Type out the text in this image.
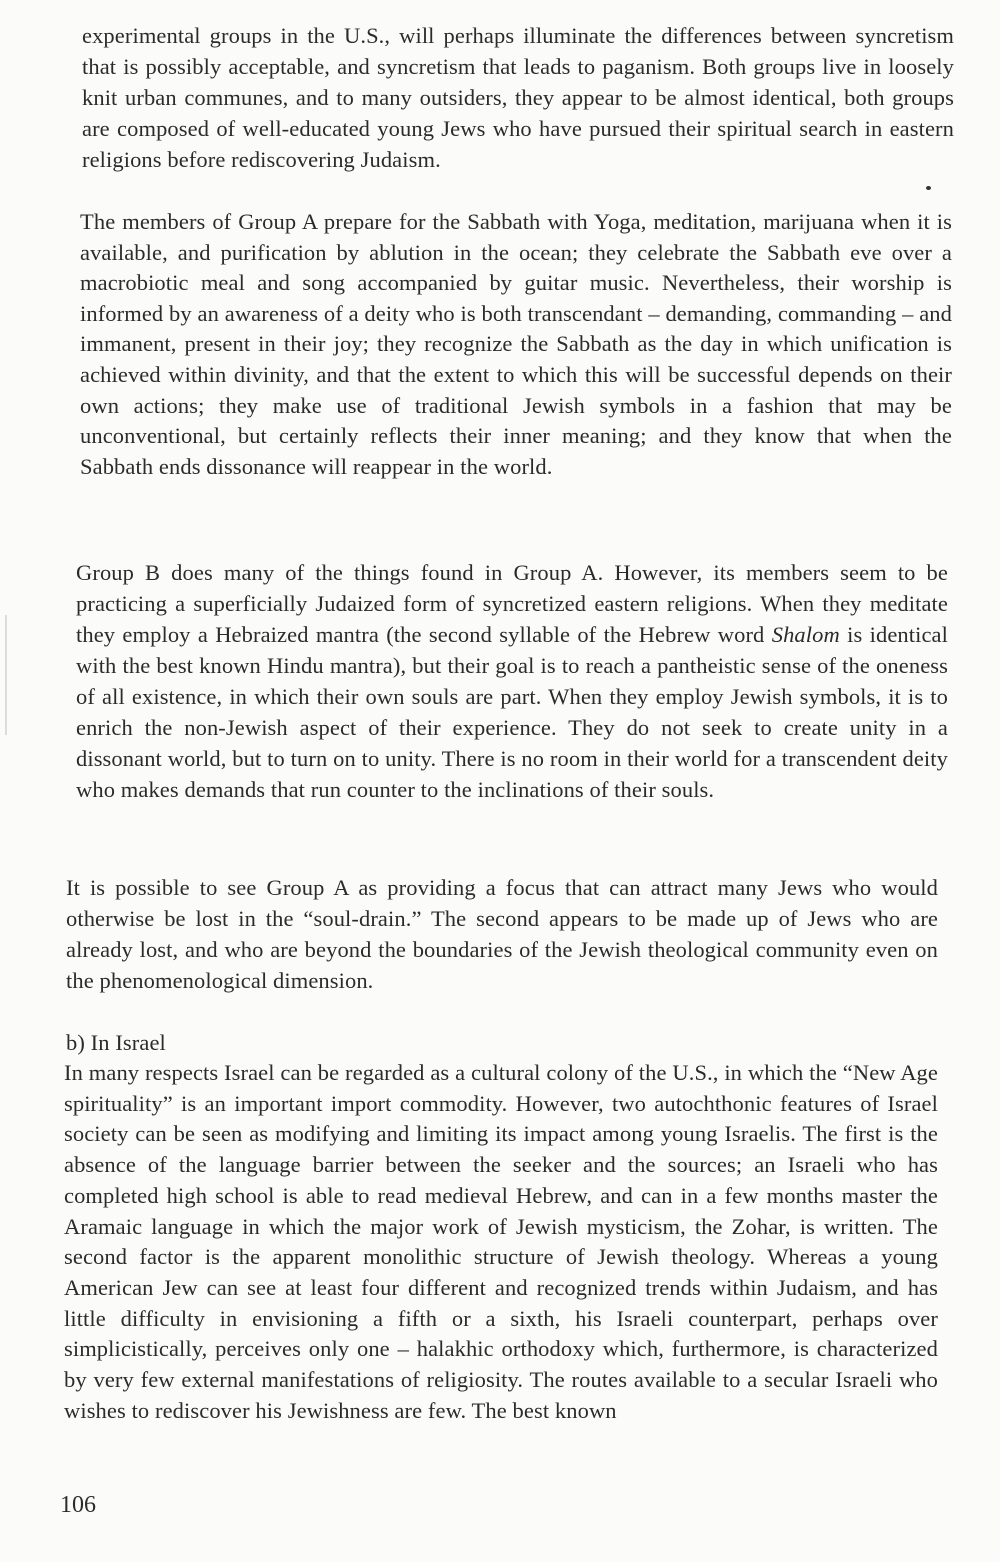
experimental groups in the U.S., will perhaps illuminate the differences between syncretism that is possibly acceptable, and syncretism that leads to paganism. Both groups live in loosely knit urban communes, and to many outsiders, they appear to be almost identical, both groups are composed of well-educated young Jews who have pursued their spiritual search in eastern religions before rediscovering Judaism.

The members of Group A prepare for the Sabbath with Yoga, meditation, marijuana when it is available, and purification by ablution in the ocean; they celebrate the Sabbath eve over a macrobiotic meal and song accompanied by guitar music. Nevertheless, their worship is informed by an awareness of a deity who is both transcendant – demanding, commanding – and immanent, present in their joy; they recognize the Sabbath as the day in which unification is achieved within divinity, and that the extent to which this will be successful depends on their own actions; they make use of traditional Jewish symbols in a fashion that may be unconventional, but certainly reflects their inner meaning; and they know that when the Sabbath ends dissonance will reappear in the world.

Group B does many of the things found in Group A. However, its members seem to be practicing a superficially Judaized form of syncretized eastern religions. When they meditate they employ a Hebraized mantra (the second syllable of the Hebrew word Shalom is identical with the best known Hindu mantra), but their goal is to reach a pantheistic sense of the oneness of all existence, in which their own souls are part. When they employ Jewish symbols, it is to enrich the non-Jewish aspect of their experience. They do not seek to create unity in a dissonant world, but to turn on to unity. There is no room in their world for a transcendent deity who makes demands that run counter to the inclinations of their souls.

It is possible to see Group A as providing a focus that can attract many Jews who would otherwise be lost in the “soul-drain.” The second appears to be made up of Jews who are already lost, and who are beyond the boundaries of the Jewish theological community even on the phenomenological dimension.

b) In Israel

In many respects Israel can be regarded as a cultural colony of the U.S., in which the “New Age spirituality” is an important import commodity. However, two autochthonic features of Israel society can be seen as modifying and limiting its impact among young Israelis. The first is the absence of the language barrier between the seeker and the sources; an Israeli who has completed high school is able to read medieval Hebrew, and can in a few months master the Aramaic language in which the major work of Jewish mysticism, the Zohar, is written. The second factor is the apparent monolithic structure of Jewish theology. Whereas a young American Jew can see at least four different and recognized trends within Judaism, and has little difficulty in envisioning a fifth or a sixth, his Israeli counterpart, perhaps over simplicistically, perceives only one – halakhic orthodoxy which, furthermore, is characterized by very few external manifestations of religiosity. The routes available to a secular Israeli who wishes to rediscover his Jewishness are few. The best known

106
